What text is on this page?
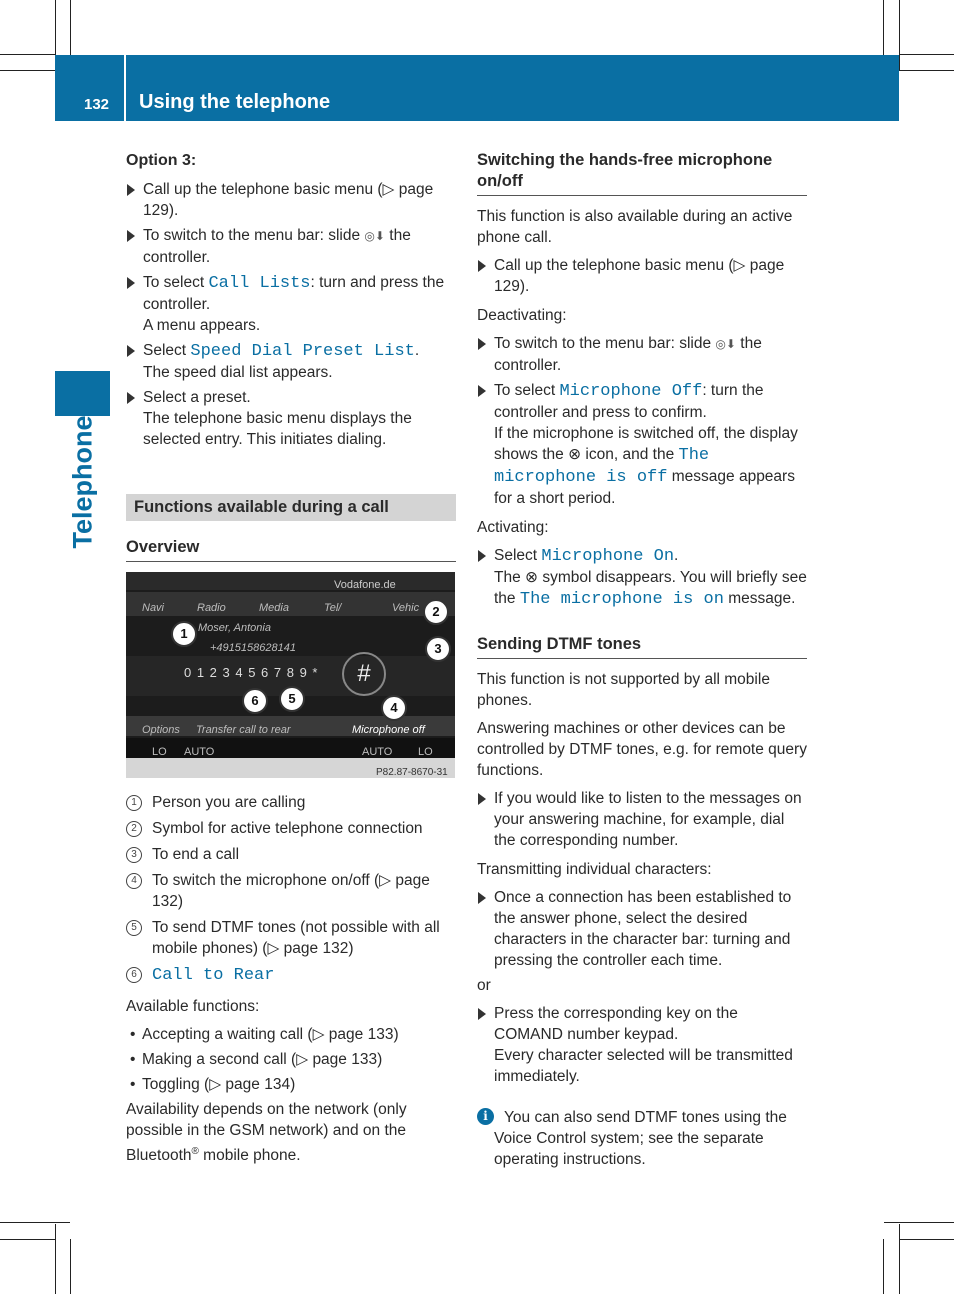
132 Using the telephone
Telephone
Option 3:
Call up the telephone basic menu (▷ page 129).
To switch to the menu bar: slide ◎⬇ the controller.
To select Call Lists: turn and press the controller.
A menu appears.
Select Speed Dial Preset List.
The speed dial list appears.
Select a preset.
The telephone basic menu displays the selected entry. This initiates dialing.
Functions available during a call
Overview
Vodafone.de
Navi	Radio	Media	Tel/	Vehic
Moser, Antonia
+4915158628141
0 1 2 3 4 5 6 7 8 9 *	#
Options Transfer call to rear	Microphone off
LO AUTO	AUTO LO
P82.87-8670-31
1
2
3
4
5
6
1 Person you are calling
2 Symbol for active telephone connection
3 To end a call
4 To switch the microphone on/off (▷ page 132)
5 To send DTMF tones (not possible with all mobile phones) (▷ page 132)
6 Call to Rear
Available functions:
• Accepting a waiting call (▷ page 133)
• Making a second call (▷ page 133)
• Toggling (▷ page 134)
Availability depends on the network (only possible in the GSM network) and on the Bluetooth® mobile phone.
Switching the hands-free microphone on/off
This function is also available during an active phone call.
Call up the telephone basic menu (▷ page 129).
Deactivating:
To switch to the menu bar: slide ◎⬇ the controller.
To select Microphone Off: turn the controller and press to confirm.
If the microphone is switched off, the display shows the ⊗ icon, and the The microphone is off message appears for a short period.
Activating:
Select Microphone On.
The ⊗ symbol disappears. You will briefly see the The microphone is on message.
Sending DTMF tones
This function is not supported by all mobile phones.
Answering machines or other devices can be controlled by DTMF tones, e.g. for remote query functions.
If you would like to listen to the messages on your answering machine, for example, dial the corresponding number.
Transmitting individual characters:
Once a connection has been established to the answer phone, select the desired characters in the character bar: turning and pressing the controller each time.
or
Press the corresponding key on the COMAND number keypad.
Every character selected will be transmitted immediately.
i	You can also send DTMF tones using the Voice Control system; see the separate operating instructions.
